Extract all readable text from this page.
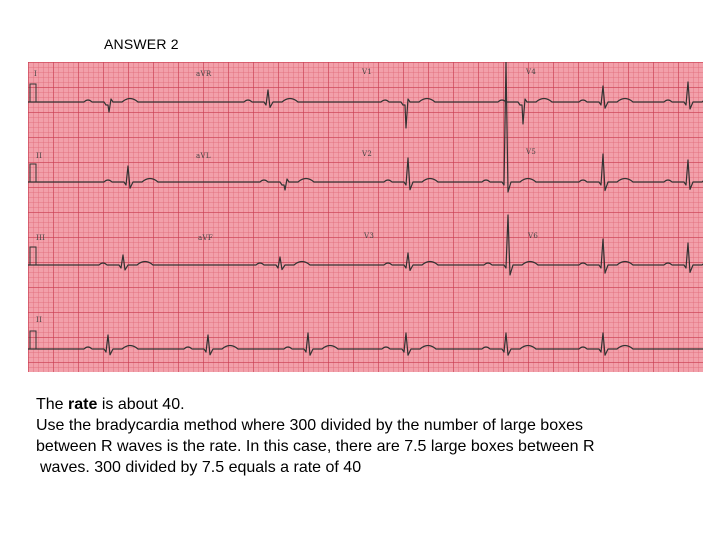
ANSWER 2
I	aVR	V1	V4
II	aVL	V2	V5
III	aVF	V3	V6
II

The rate is about 40.

Use the bradycardia method where 300 divided by the number of large boxes

between R waves is the rate. In this case, there are 7.5 large boxes between R

waves. 300 divided by 7.5 equals a rate of 40
